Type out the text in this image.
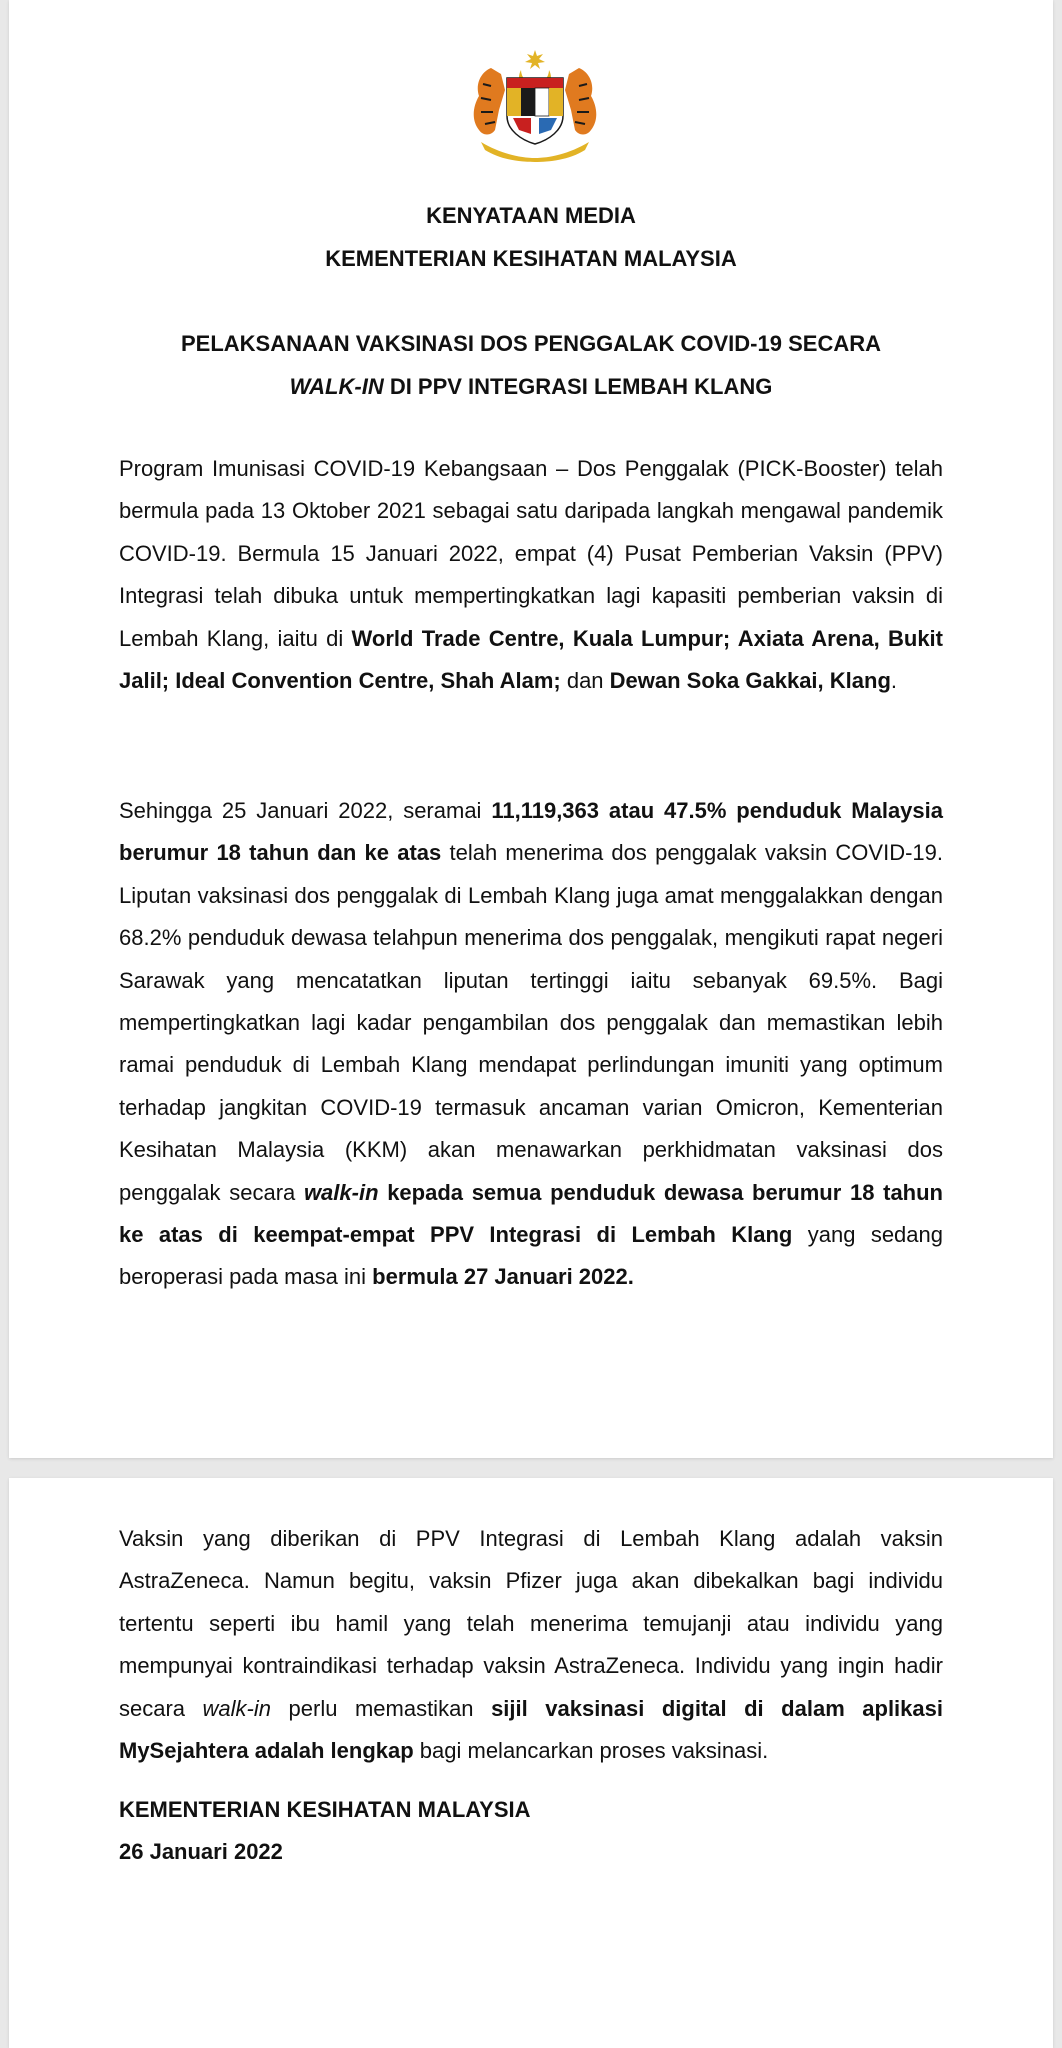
KENYATAAN MEDIA
KEMENTERIAN KESIHATAN MALAYSIA
PELAKSANAAN VAKSINASI DOS PENGGALAK COVID-19 SECARA
WALK-IN DI PPV INTEGRASI LEMBAH KLANG

Program Imunisasi COVID-19 Kebangsaan – Dos Penggalak (PICK-Booster) telah bermula pada 13 Oktober 2021 sebagai satu daripada langkah mengawal pandemik COVID-19. Bermula 15 Januari 2022, empat (4) Pusat Pemberian Vaksin (PPV) Integrasi telah dibuka untuk mempertingkatkan lagi kapasiti pemberian vaksin di Lembah Klang, iaitu di World Trade Centre, Kuala Lumpur; Axiata Arena, Bukit Jalil; Ideal Convention Centre, Shah Alam; dan Dewan Soka Gakkai, Klang.

Sehingga 25 Januari 2022, seramai 11,119,363 atau 47.5% penduduk Malaysia berumur 18 tahun dan ke atas telah menerima dos penggalak vaksin COVID-19. Liputan vaksinasi dos penggalak di Lembah Klang juga amat menggalakkan dengan 68.2% penduduk dewasa telahpun menerima dos penggalak, mengikuti rapat negeri Sarawak yang mencatatkan liputan tertinggi iaitu sebanyak 69.5%. Bagi mempertingkatkan lagi kadar pengambilan dos penggalak dan memastikan lebih ramai penduduk di Lembah Klang mendapat perlindungan imuniti yang optimum terhadap jangkitan COVID-19 termasuk ancaman varian Omicron, Kementerian Kesihatan Malaysia (KKM) akan menawarkan perkhidmatan vaksinasi dos penggalak secara walk-in kepada semua penduduk dewasa berumur 18 tahun ke atas di keempat-empat PPV Integrasi di Lembah Klang yang sedang beroperasi pada masa ini bermula 27 Januari 2022.

Vaksin yang diberikan di PPV Integrasi di Lembah Klang adalah vaksin AstraZeneca. Namun begitu, vaksin Pfizer juga akan dibekalkan bagi individu tertentu seperti ibu hamil yang telah menerima temujanji atau individu yang mempunyai kontraindikasi terhadap vaksin AstraZeneca. Individu yang ingin hadir secara walk-in perlu memastikan sijil vaksinasi digital di dalam aplikasi MySejahtera adalah lengkap bagi melancarkan proses vaksinasi.

KEMENTERIAN KESIHATAN MALAYSIA
26 Januari 2022
